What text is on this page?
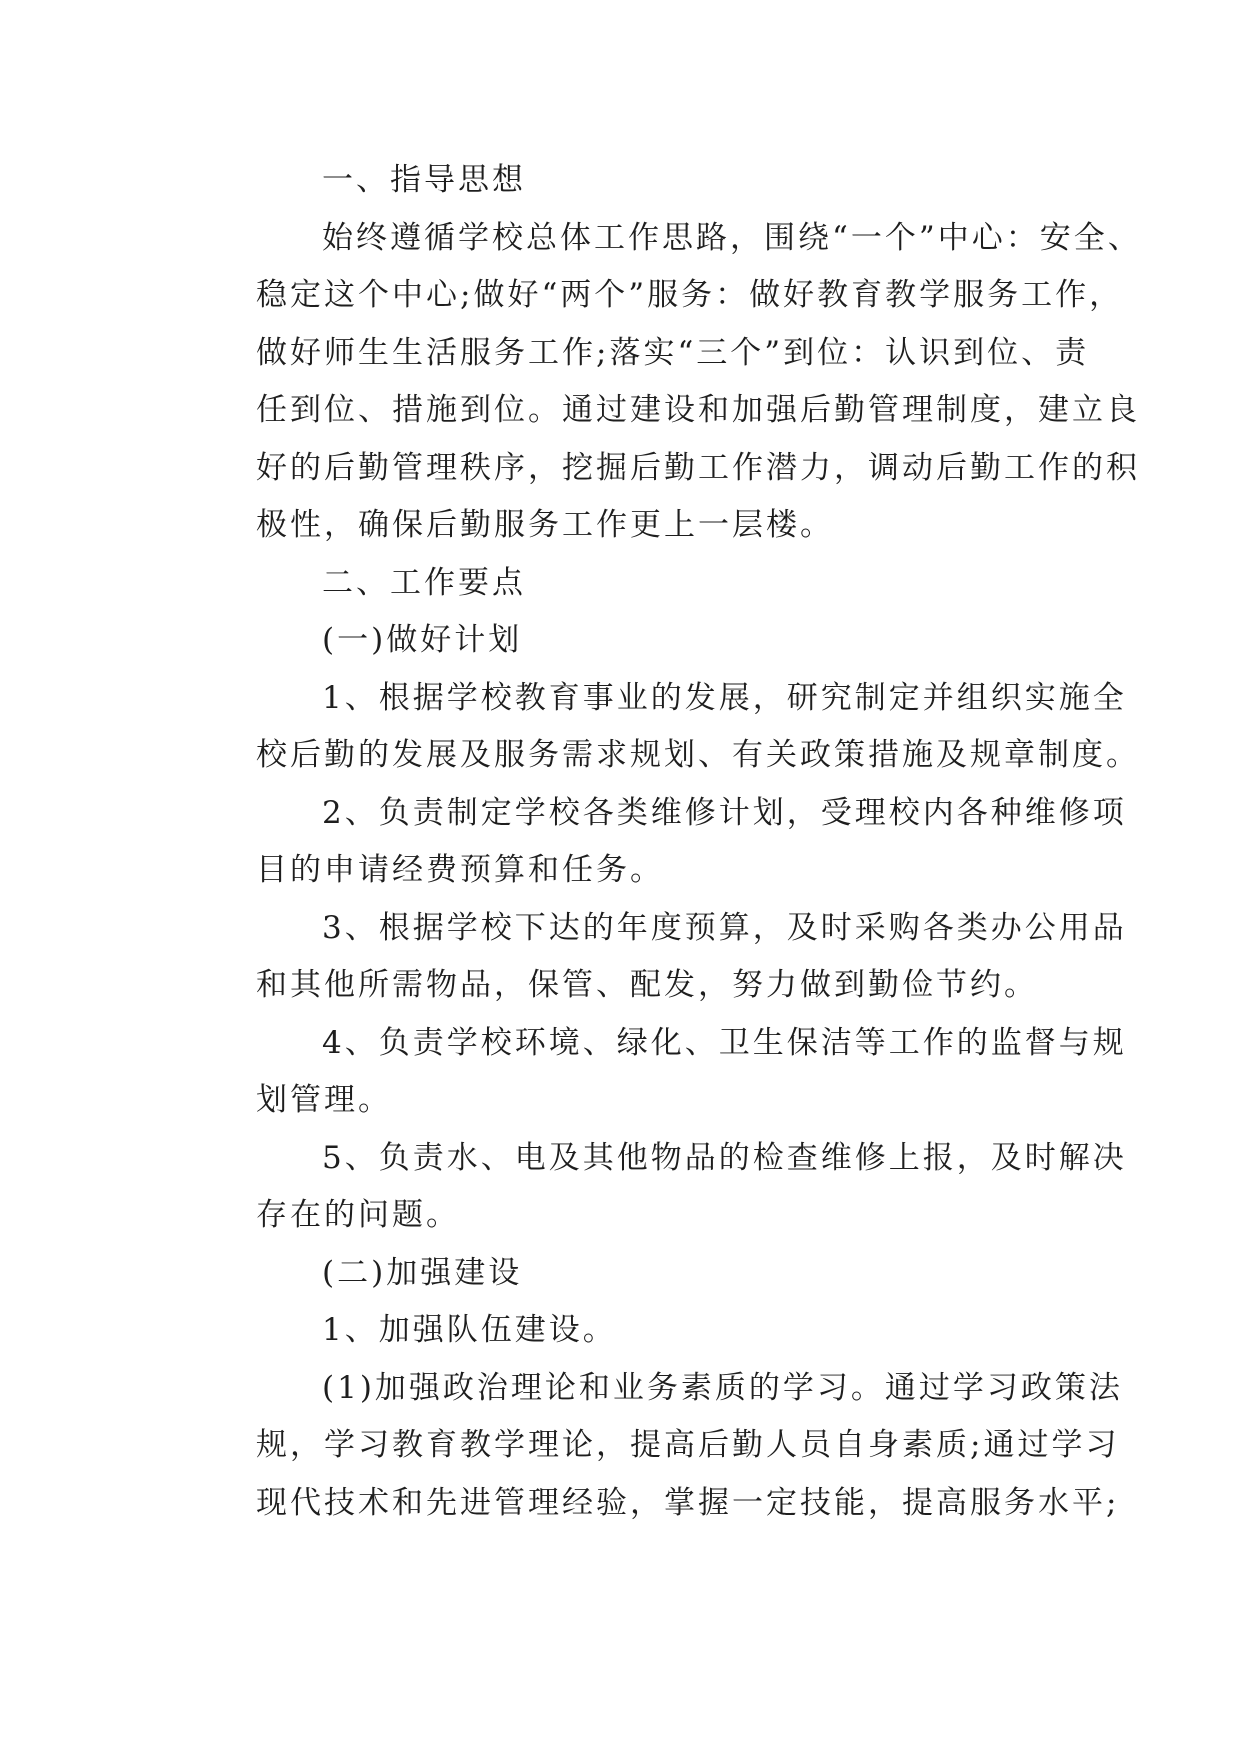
一、指导思想
始终遵循学校总体工作思路，围绕“一个”中心：安全、
稳定这个中心;做好“两个”服务：做好教育教学服务工作，
做好师生生活服务工作;落实“三个”到位：认识到位、责
任到位、措施到位。通过建设和加强后勤管理制度，建立良
好的后勤管理秩序，挖掘后勤工作潜力，调动后勤工作的积
极性，确保后勤服务工作更上一层楼。
二、工作要点
(一)做好计划
1、根据学校教育事业的发展，研究制定并组织实施全
校后勤的发展及服务需求规划、有关政策措施及规章制度。
2、负责制定学校各类维修计划，受理校内各种维修项
目的申请经费预算和任务。
3、根据学校下达的年度预算，及时采购各类办公用品
和其他所需物品，保管、配发，努力做到勤俭节约。
4、负责学校环境、绿化、卫生保洁等工作的监督与规
划管理。
5、负责水、电及其他物品的检查维修上报，及时解决
存在的问题。
(二)加强建设
1、加强队伍建设。
(1)加强政治理论和业务素质的学习。通过学习政策法
规，学习教育教学理论，提高后勤人员自身素质;通过学习
现代技术和先进管理经验，掌握一定技能，提高服务水平;
